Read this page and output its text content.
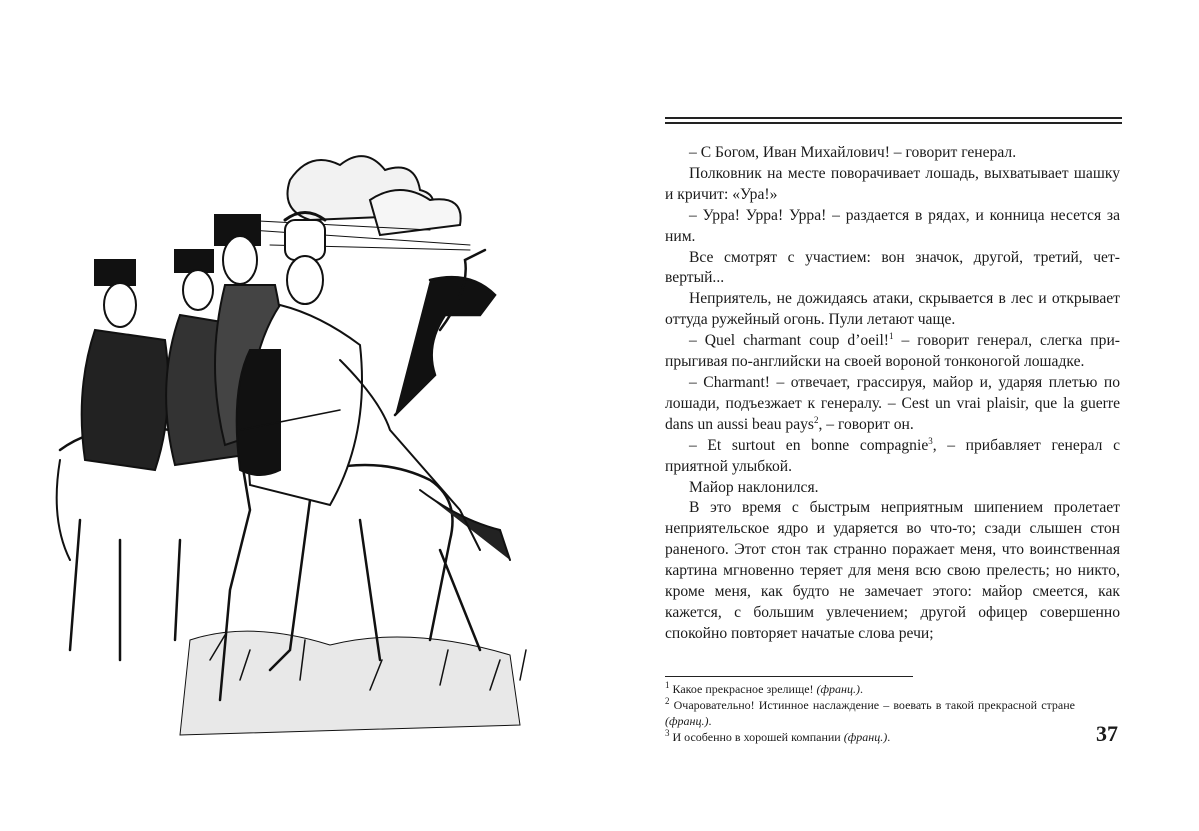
– С Богом, Иван Михайлович! – говорит генерал.

Полковник на месте поворачивает лошадь, выхватывает шашку и кричит: «Ура!»

– Урра! Урра! Урра! – раздается в рядах, и конница несется за ним.

Все смотрят с участием: вон значок, другой, третий, четвертый...

Неприятель, не дожидаясь атаки, скрывается в лес и открывает оттуда ружейный огонь. Пули летают чаще.

– Quel charmant coup d’oeil!$^1$ – говорит генерал, слегка припрыгивая по-английски на своей вороной тонконогой лошадке.

– Charmant! – отвечает, грассируя, майор и, ударяя плетью по лошади, подъезжает к генералу. – Cest un vrai plaisir, que la guerre dans un aussi beau pays$^2$, – говорит он.

– Et surtout en bonne compagnie$^3$, – прибавляет генерал с приятной улыбкой.

Майор наклонился.

В это время с быстрым неприятным шипением пролетает неприятельское ядро и ударяется во что-то; сзади слышен стон раненого. Этот стон так странно поражает меня, что воинственная картина мгновенно теряет для меня всю свою прелесть; но никто, кроме меня, как будто не замечает этого: майор смеется, как кажется, с большим увлечением; другой офицер совершенно спокойно повторяет начатые слова речи;

$^1$ Какое прекрасное зрелище! (франц.).

$^2$ Очаровательно! Истинное наслаждение – воевать в такой прекрасной стране (франц.).

$^3$ И особенно в хорошей компании (франц.).	37
